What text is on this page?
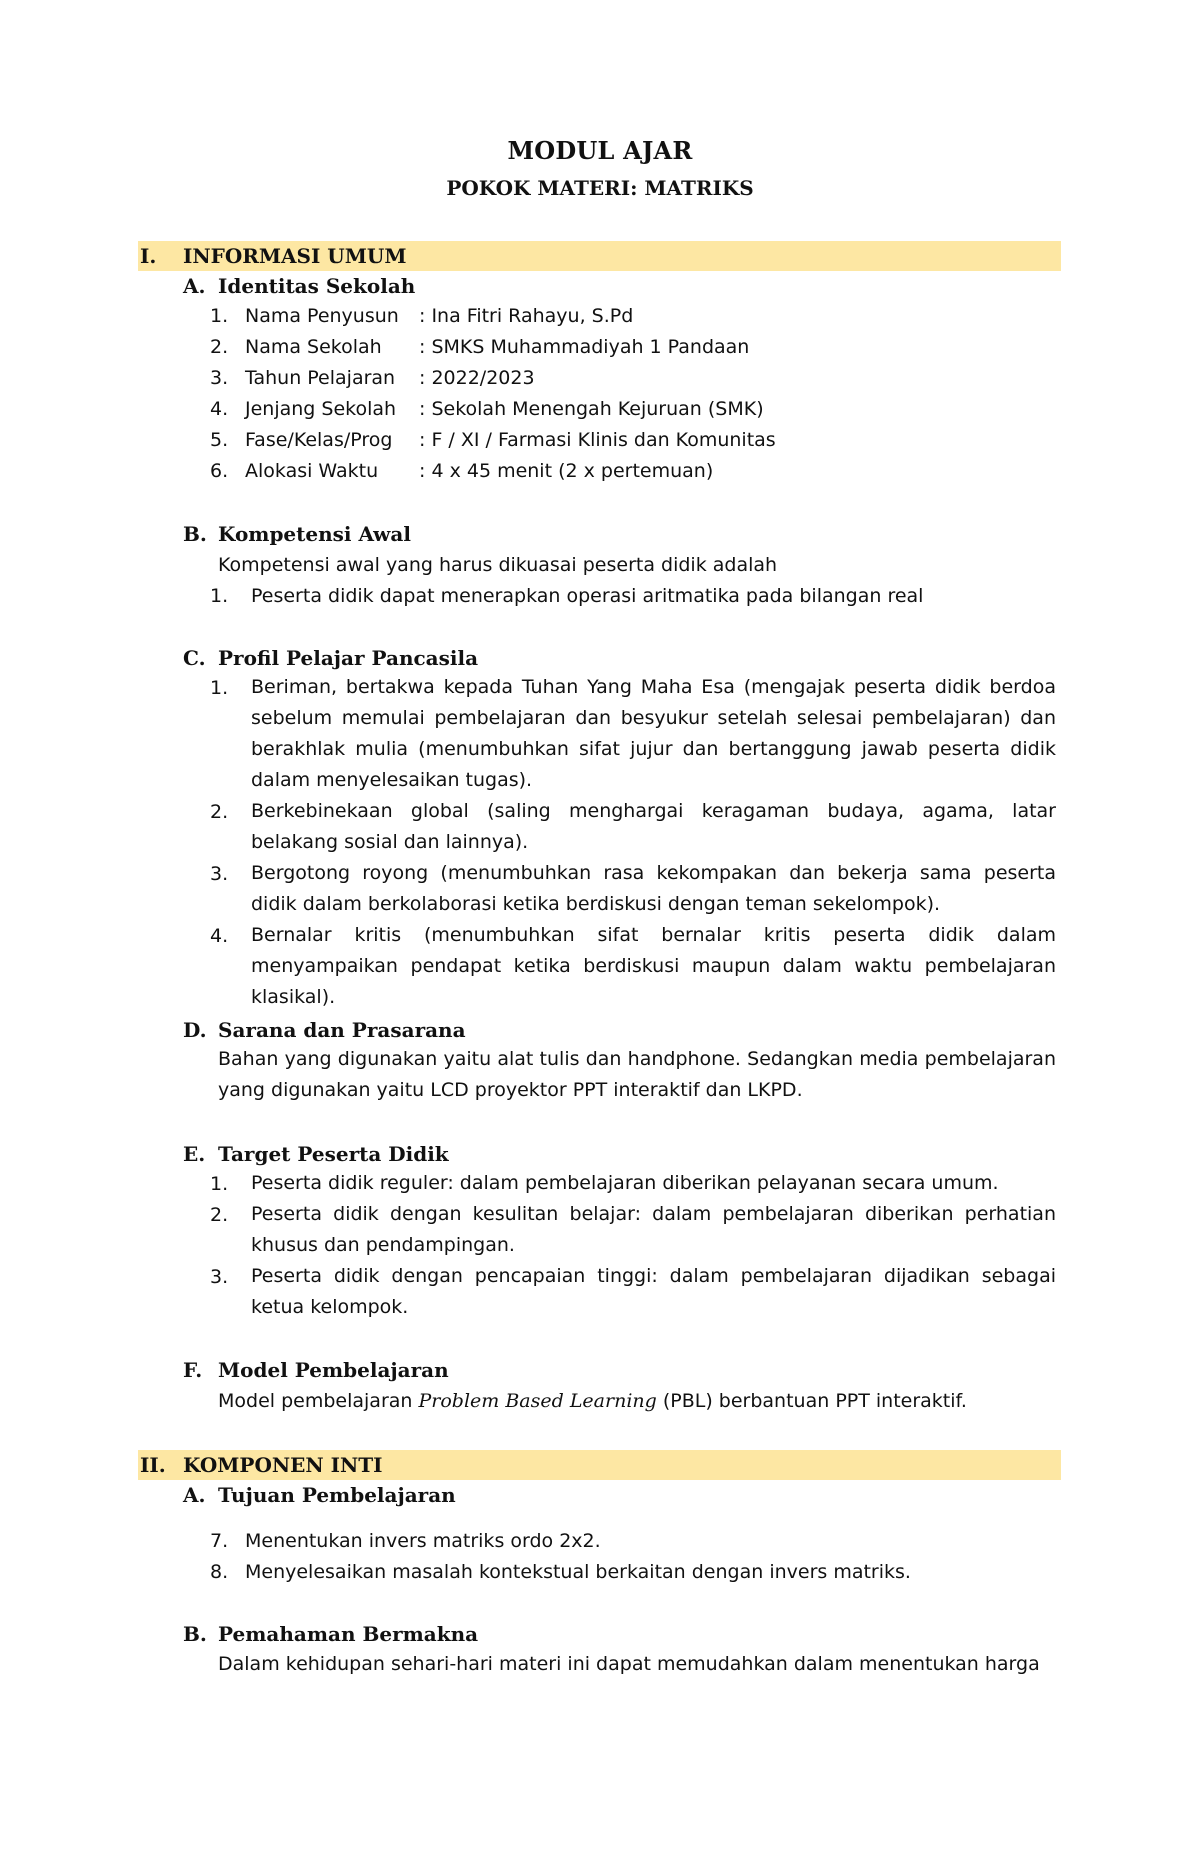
MODUL AJAR
POKOK MATERI: MATRIKS
I. INFORMASI UMUM
A. Identitas Sekolah
1. Nama Penyusun : Ina Fitri Rahayu, S.Pd
2. Nama Sekolah : SMKS Muhammadiyah 1 Pandaan
3. Tahun Pelajaran : 2022/2023
4. Jenjang Sekolah : Sekolah Menengah Kejuruan (SMK)
5. Fase/Kelas/Prog : F / XI / Farmasi Klinis dan Komunitas
6. Alokasi Waktu : 4 x 45 menit (2 x pertemuan)
B. Kompetensi Awal
Kompetensi awal yang harus dikuasai peserta didik adalah
1. Peserta didik dapat menerapkan operasi aritmatika pada bilangan real
C. Profil Pelajar Pancasila
1. Beriman, bertakwa kepada Tuhan Yang Maha Esa (mengajak peserta didik berdoa sebelum memulai pembelajaran dan besyukur setelah selesai pembelajaran) dan berakhlak mulia (menumbuhkan sifat jujur dan bertanggung jawab peserta didik dalam menyelesaikan tugas).
2. Berkebinekaan global (saling menghargai keragaman budaya, agama, latar belakang sosial dan lainnya).
3. Bergotong royong (menumbuhkan rasa kekompakan dan bekerja sama peserta didik dalam berkolaborasi ketika berdiskusi dengan teman sekelompok).
4. Bernalar kritis (menumbuhkan sifat bernalar kritis peserta didik dalam menyampaikan pendapat ketika berdiskusi maupun dalam waktu pembelajaran klasikal).
D. Sarana dan Prasarana
Bahan yang digunakan yaitu alat tulis dan handphone. Sedangkan media pembelajaran yang digunakan yaitu LCD proyektor PPT interaktif dan LKPD.
E. Target Peserta Didik
1. Peserta didik reguler: dalam pembelajaran diberikan pelayanan secara umum.
2. Peserta didik dengan kesulitan belajar: dalam pembelajaran diberikan perhatian khusus dan pendampingan.
3. Peserta didik dengan pencapaian tinggi: dalam pembelajaran dijadikan sebagai ketua kelompok.
F. Model Pembelajaran
Model pembelajaran Problem Based Learning (PBL) berbantuan PPT interaktif.
II. KOMPONEN INTI
A. Tujuan Pembelajaran
7. Menentukan invers matriks ordo 2x2.
8. Menyelesaikan masalah kontekstual berkaitan dengan invers matriks.
B. Pemahaman Bermakna
Dalam kehidupan sehari-hari materi ini dapat memudahkan dalam menentukan harga
